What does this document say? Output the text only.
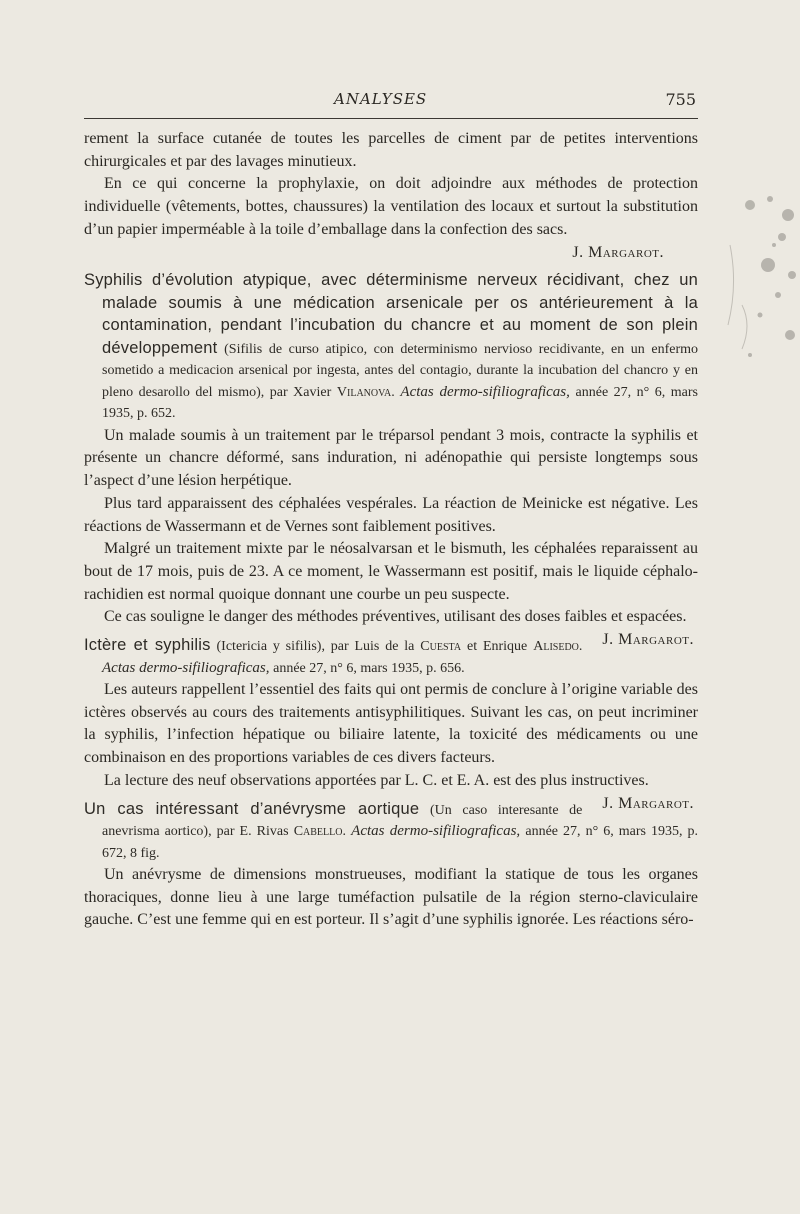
ANALYSES	755

rement la surface cutanée de toutes les parcelles de ciment par de petites interventions chirurgicales et par des lavages minutieux.

En ce qui concerne la prophylaxie, on doit adjoindre aux méthodes de protection individuelle (vêtements, bottes, chaussures) la ventilation des locaux et surtout la substitution d’un papier imperméable à la toile d’emballage dans la confection des sacs.

J. Margarot.
Syphilis d’évolution atypique, avec déterminisme nerveux récidivant, chez un malade soumis à une médication arsenicale per os antérieurement à la contamination, pendant l’incubation du chancre et au moment de son plein développement (Sifilis de curso atipico, con determinismo nervioso recidivante, en un enfermo sometido a medicacion arsenical por ingesta, antes del contagio, durante la incubation del chancro y en pleno desarollo del mismo), par Xavier Vilanova. Actas dermo-sifiliograficas, année 27, n° 6, mars 1935, p. 652.

Un malade soumis à un traitement par le tréparsol pendant 3 mois, contracte la syphilis et présente un chancre déformé, sans induration, ni adénopathie qui persiste longtemps sous l’aspect d’une lésion herpétique.

Plus tard apparaissent des céphalées vespérales. La réaction de Meinicke est négative. Les réactions de Wassermann et de Vernes sont faiblement positives.

Malgré un traitement mixte par le néosalvarsan et le bismuth, les céphalées reparaissent au bout de 17 mois, puis de 23. A ce moment, le Wassermann est positif, mais le liquide céphalo-rachidien est normal quoique donnant une courbe un peu suspecte.

Ce cas souligne le danger des méthodes préventives, utilisant des doses faibles et espacées.
J. Margarot.

Ictère et syphilis (Ictericia y sifilis), par Luis de la Cuesta et Enrique Alisedo. Actas dermo-sifiliograficas, année 27, n° 6, mars 1935, p. 656.

Les auteurs rappellent l’essentiel des faits qui ont permis de conclure à l’origine variable des ictères observés au cours des traitements antisyphilitiques. Suivant les cas, on peut incriminer la syphilis, l’infection hépatique ou biliaire latente, la toxicité des médicaments ou une combinaison en des proportions variables de ces divers facteurs.

La lecture des neuf observations apportées par L. C. et E. A. est des plus instructives.
J. Margarot.

Un cas intéressant d’anévrysme aortique (Un caso interesante de anevrisma aortico), par E. Rivas Cabello. Actas dermo-sifiliograficas, année 27, n° 6, mars 1935, p. 672, 8 fig.

Un anévrysme de dimensions monstrueuses, modifiant la statique de tous les organes thoraciques, donne lieu à une large tuméfaction pulsatile de la région sterno-claviculaire gauche. C’est une femme qui en est porteur. Il s’agit d’une syphilis ignorée. Les réactions séro-
